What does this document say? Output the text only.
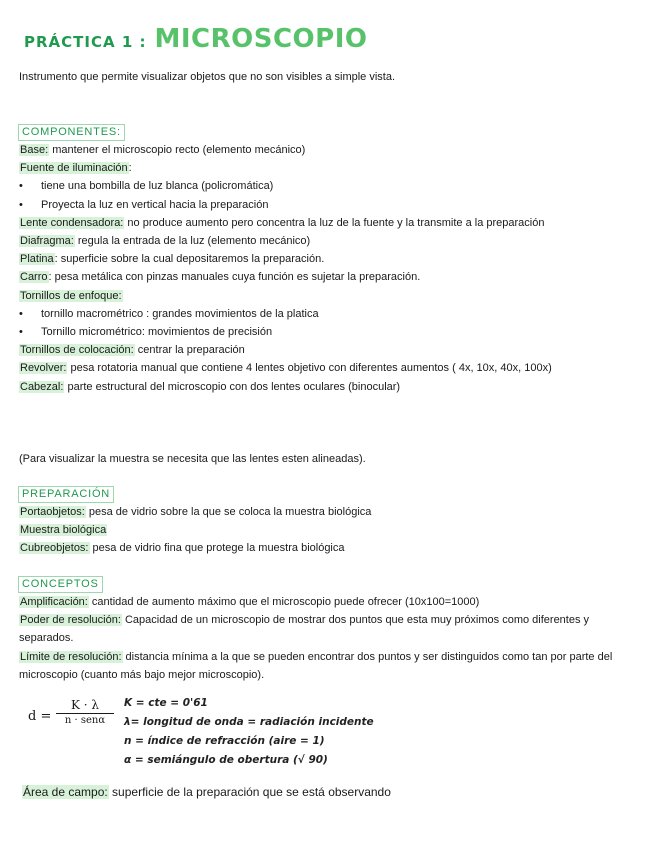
PRÁCTICA 1 : MICROSCOPIO
Instrumento que permite visualizar objetos que no son visibles a simple vista.
COMPONENTES:
Base: mantener el microscopio recto (elemento mecánico)
Fuente de iluminación:
• tiene una bombilla de luz blanca (policromática)
• Proyecta la luz en vertical hacia la preparación
Lente condensadora: no produce aumento pero concentra la luz de la fuente y la transmite a la preparación
Diafragma: regula la entrada de la luz (elemento mecánico)
Platina: superficie sobre la cual depositaremos la preparación.
Carro: pesa metálica con pinzas manuales cuya función es sujetar la preparación.
Tornillos de enfoque:
• tornillo macrométrico : grandes movimientos de la platica
• Tornillo micrométrico: movimientos de precisión
Tornillos de colocación: centrar la preparación
Revolver: pesa rotatoria manual que contiene 4 lentes objetivo con diferentes aumentos ( 4x, 10x, 40x, 100x)
Cabezal: parte estructural del microscopio con dos lentes oculares (binocular)
(Para visualizar la muestra se necesita que las lentes esten alineadas).
PREPARACIÓN
Portaobjetos: pesa de vidrio sobre la que se coloca la muestra biológica
Muestra biológica
Cubreobjetos: pesa de vidrio fina que protege la muestra biológica
CONCEPTOS
Amplificación: cantidad de aumento máximo que el microscopio puede ofrecer (10x100=1000)
Poder de resolución: Capacidad de un microscopio de mostrar dos puntos que esta muy próximos como diferentes y separados.
Límite de resolución: distancia mínima a la que se pueden encontrar dos puntos y ser distinguidos como tan por parte del microscopio (cuanto más bajo mejor microscopio).
d =
K · λ
n · senα
K = cte = 0'61
λ= longitud de onda = radiación incidente
n = índice de refracción (aire = 1)
α = semiángulo de obertura (√ 90)
Área de campo: superficie de la preparación que se está observando
